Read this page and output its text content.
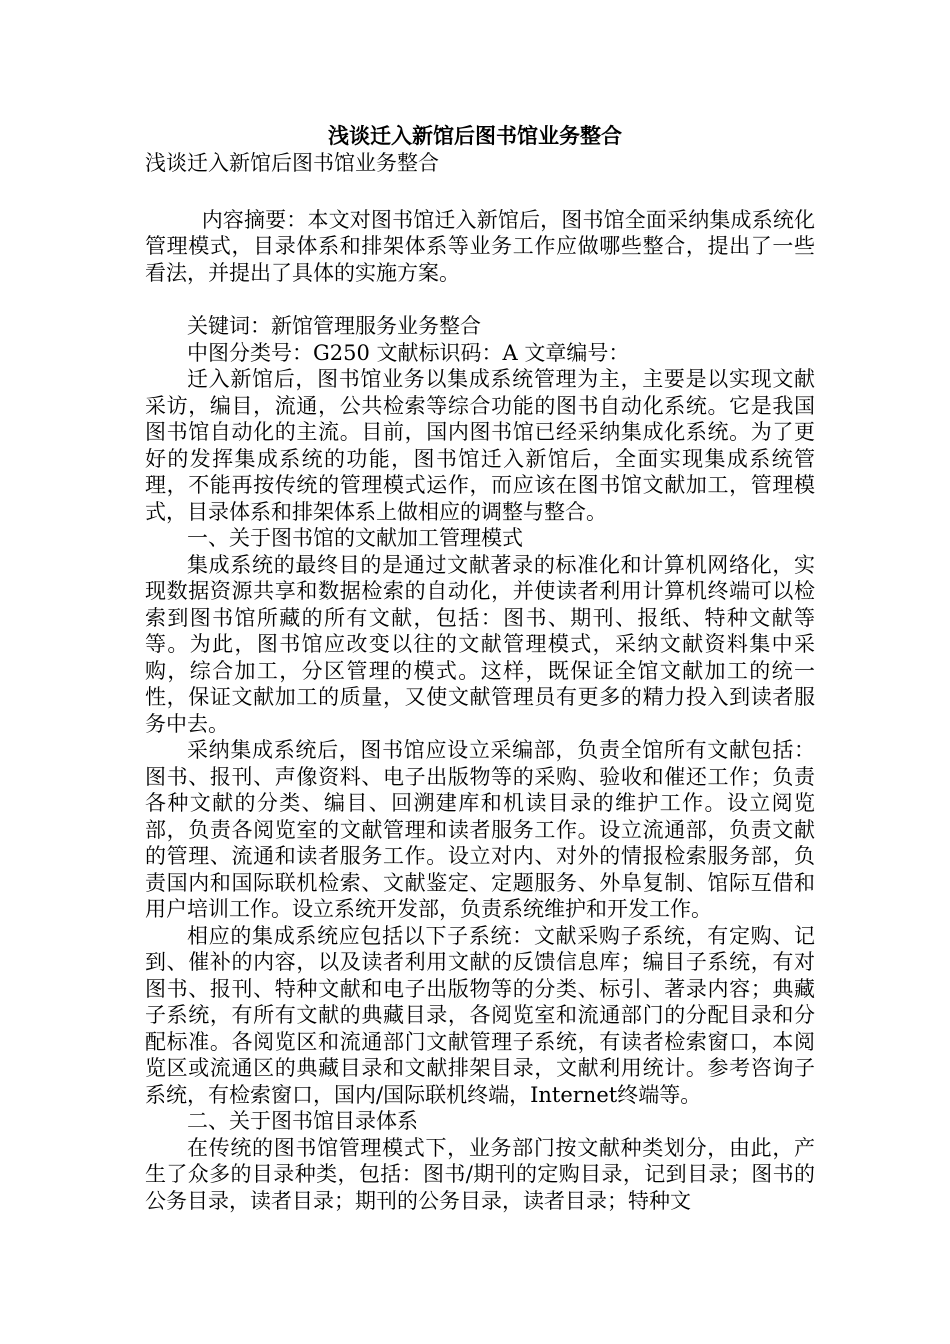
浅谈迁入新馆后图书馆业务整合

浅谈迁入新馆后图书馆业务整合

内容摘要：本文对图书馆迁入新馆后，图书馆全面采纳集成系统化管理模式，目录体系和排架体系等业务工作应做哪些整合，提出了一些看法，并提出了具体的实施方案。

关键词：新馆管理服务业务整合

中图分类号：G250 文献标识码：A 文章编号：

迁入新馆后，图书馆业务以集成系统管理为主，主要是以实现文献采访，编目，流通，公共检索等综合功能的图书自动化系统。它是我国图书馆自动化的主流。目前，国内图书馆已经采纳集成化系统。为了更好的发挥集成系统的功能，图书馆迁入新馆后，全面实现集成系统管理，不能再按传统的管理模式运作，而应该在图书馆文献加工，管理模式，目录体系和排架体系上做相应的调整与整合。

一、关于图书馆的文献加工管理模式

集成系统的最终目的是通过文献著录的标准化和计算机网络化，实现数据资源共享和数据检索的自动化，并使读者利用计算机终端可以检索到图书馆所藏的所有文献，包括：图书、期刊、报纸、特种文献等等。为此，图书馆应改变以往的文献管理模式，采纳文献资料集中采购，综合加工，分区管理的模式。这样，既保证全馆文献加工的统一性，保证文献加工的质量，又使文献管理员有更多的精力投入到读者服务中去。

采纳集成系统后，图书馆应设立采编部，负责全馆所有文献包括：图书、报刊、声像资料、电子出版物等的采购、验收和催还工作；负责各种文献的分类、编目、回溯建库和机读目录的维护工作。设立阅览部，负责各阅览室的文献管理和读者服务工作。设立流通部，负责文献的管理、流通和读者服务工作。设立对内、对外的情报检索服务部，负责国内和国际联机检索、文献鉴定、定题服务、外阜复制、馆际互借和用户培训工作。设立系统开发部，负责系统维护和开发工作。

相应的集成系统应包括以下子系统：文献采购子系统，有定购、记到、催补的内容，以及读者利用文献的反馈信息库；编目子系统，有对图书、报刊、特种文献和电子出版物等的分类、标引、著录内容；典藏子系统，有所有文献的典藏目录，各阅览室和流通部门的分配目录和分配标准。各阅览区和流通部门文献管理子系统，有读者检索窗口，本阅览区或流通区的典藏目录和文献排架目录，文献利用统计。参考咨询子系统，有检索窗口，国内/国际联机终端，Internet终端等。

二、关于图书馆目录体系

在传统的图书馆管理模式下，业务部门按文献种类划分，由此，产生了众多的目录种类，包括：图书/期刊的定购目录，记到目录；图书的公务目录，读者目录；期刊的公务目录，读者目录；特种文
